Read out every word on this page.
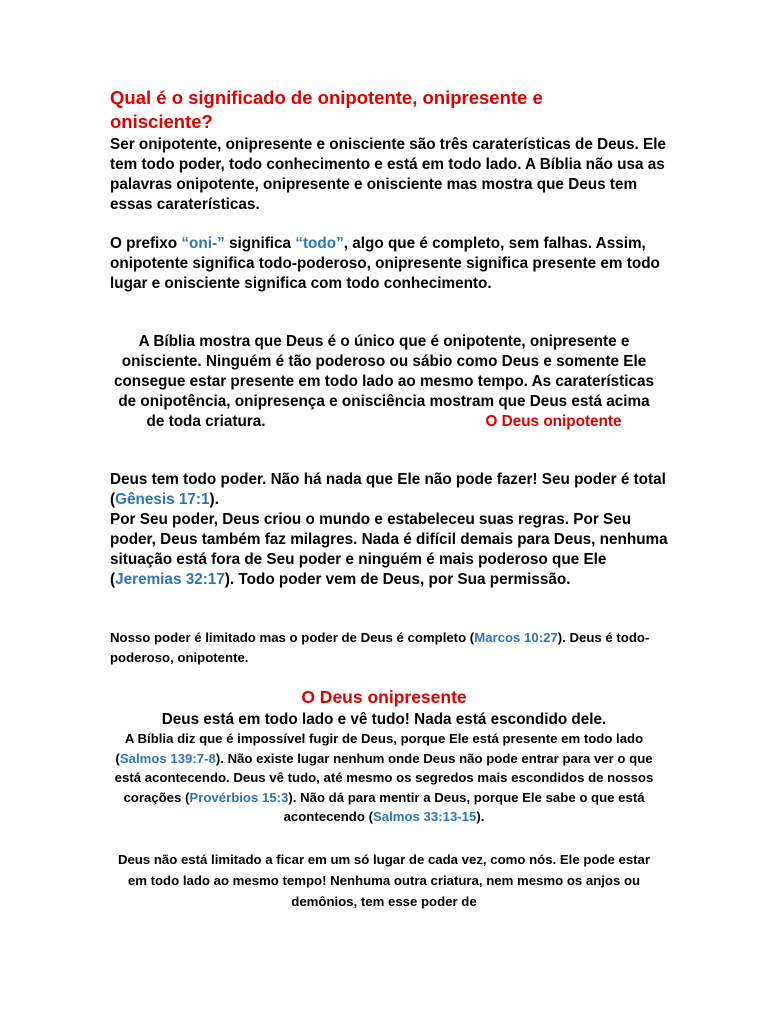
Qual é o significado de onipotente, onipresente e onisciente?
Ser onipotente, onipresente e onisciente são três caraterísticas de Deus. Ele tem todo poder, todo conhecimento e está em todo lado. A Bíblia não usa as palavras onipotente, onipresente e onisciente mas mostra que Deus tem essas caraterísticas.
O prefixo “oni-” significa “todo”, algo que é completo, sem falhas. Assim, onipotente significa todo-poderoso, onipresente significa presente em todo lugar e onisciente significa com todo conhecimento.
A Bíblia mostra que Deus é o único que é onipotente, onipresente e onisciente. Ninguém é tão poderoso ou sábio como Deus e somente Ele consegue estar presente em todo lado ao mesmo tempo. As caraterísticas de onipotência, onipresença e onisciência mostram que Deus está acima de toda criatura.	O Deus onipotente
Deus tem todo poder. Não há nada que Ele não pode fazer! Seu poder é total (Gênesis 17:1).
Por Seu poder, Deus criou o mundo e estabeleceu suas regras. Por Seu poder, Deus também faz milagres. Nada é difícil demais para Deus, nenhuma situação está fora de Seu poder e ninguém é mais poderoso que Ele (Jeremias 32:17). Todo poder vem de Deus, por Sua permissão.
Nosso poder é limitado mas o poder de Deus é completo (Marcos 10:27). Deus é todo-poderoso, onipotente.
O Deus onipresente
Deus está em todo lado e vê tudo! Nada está escondido dele.
A Bíblia diz que é impossível fugir de Deus, porque Ele está presente em todo lado (Salmos 139:7-8). Não existe lugar nenhum onde Deus não pode entrar para ver o que está acontecendo. Deus vê tudo, até mesmo os segredos mais escondidos de nossos corações (Provérbios 15:3). Não dá para mentir a Deus, porque Ele sabe o que está acontecendo (Salmos 33:13-15).
Deus não está limitado a ficar em um só lugar de cada vez, como nós. Ele pode estar em todo lado ao mesmo tempo! Nenhuma outra criatura, nem mesmo os anjos ou demônios, tem esse poder de
